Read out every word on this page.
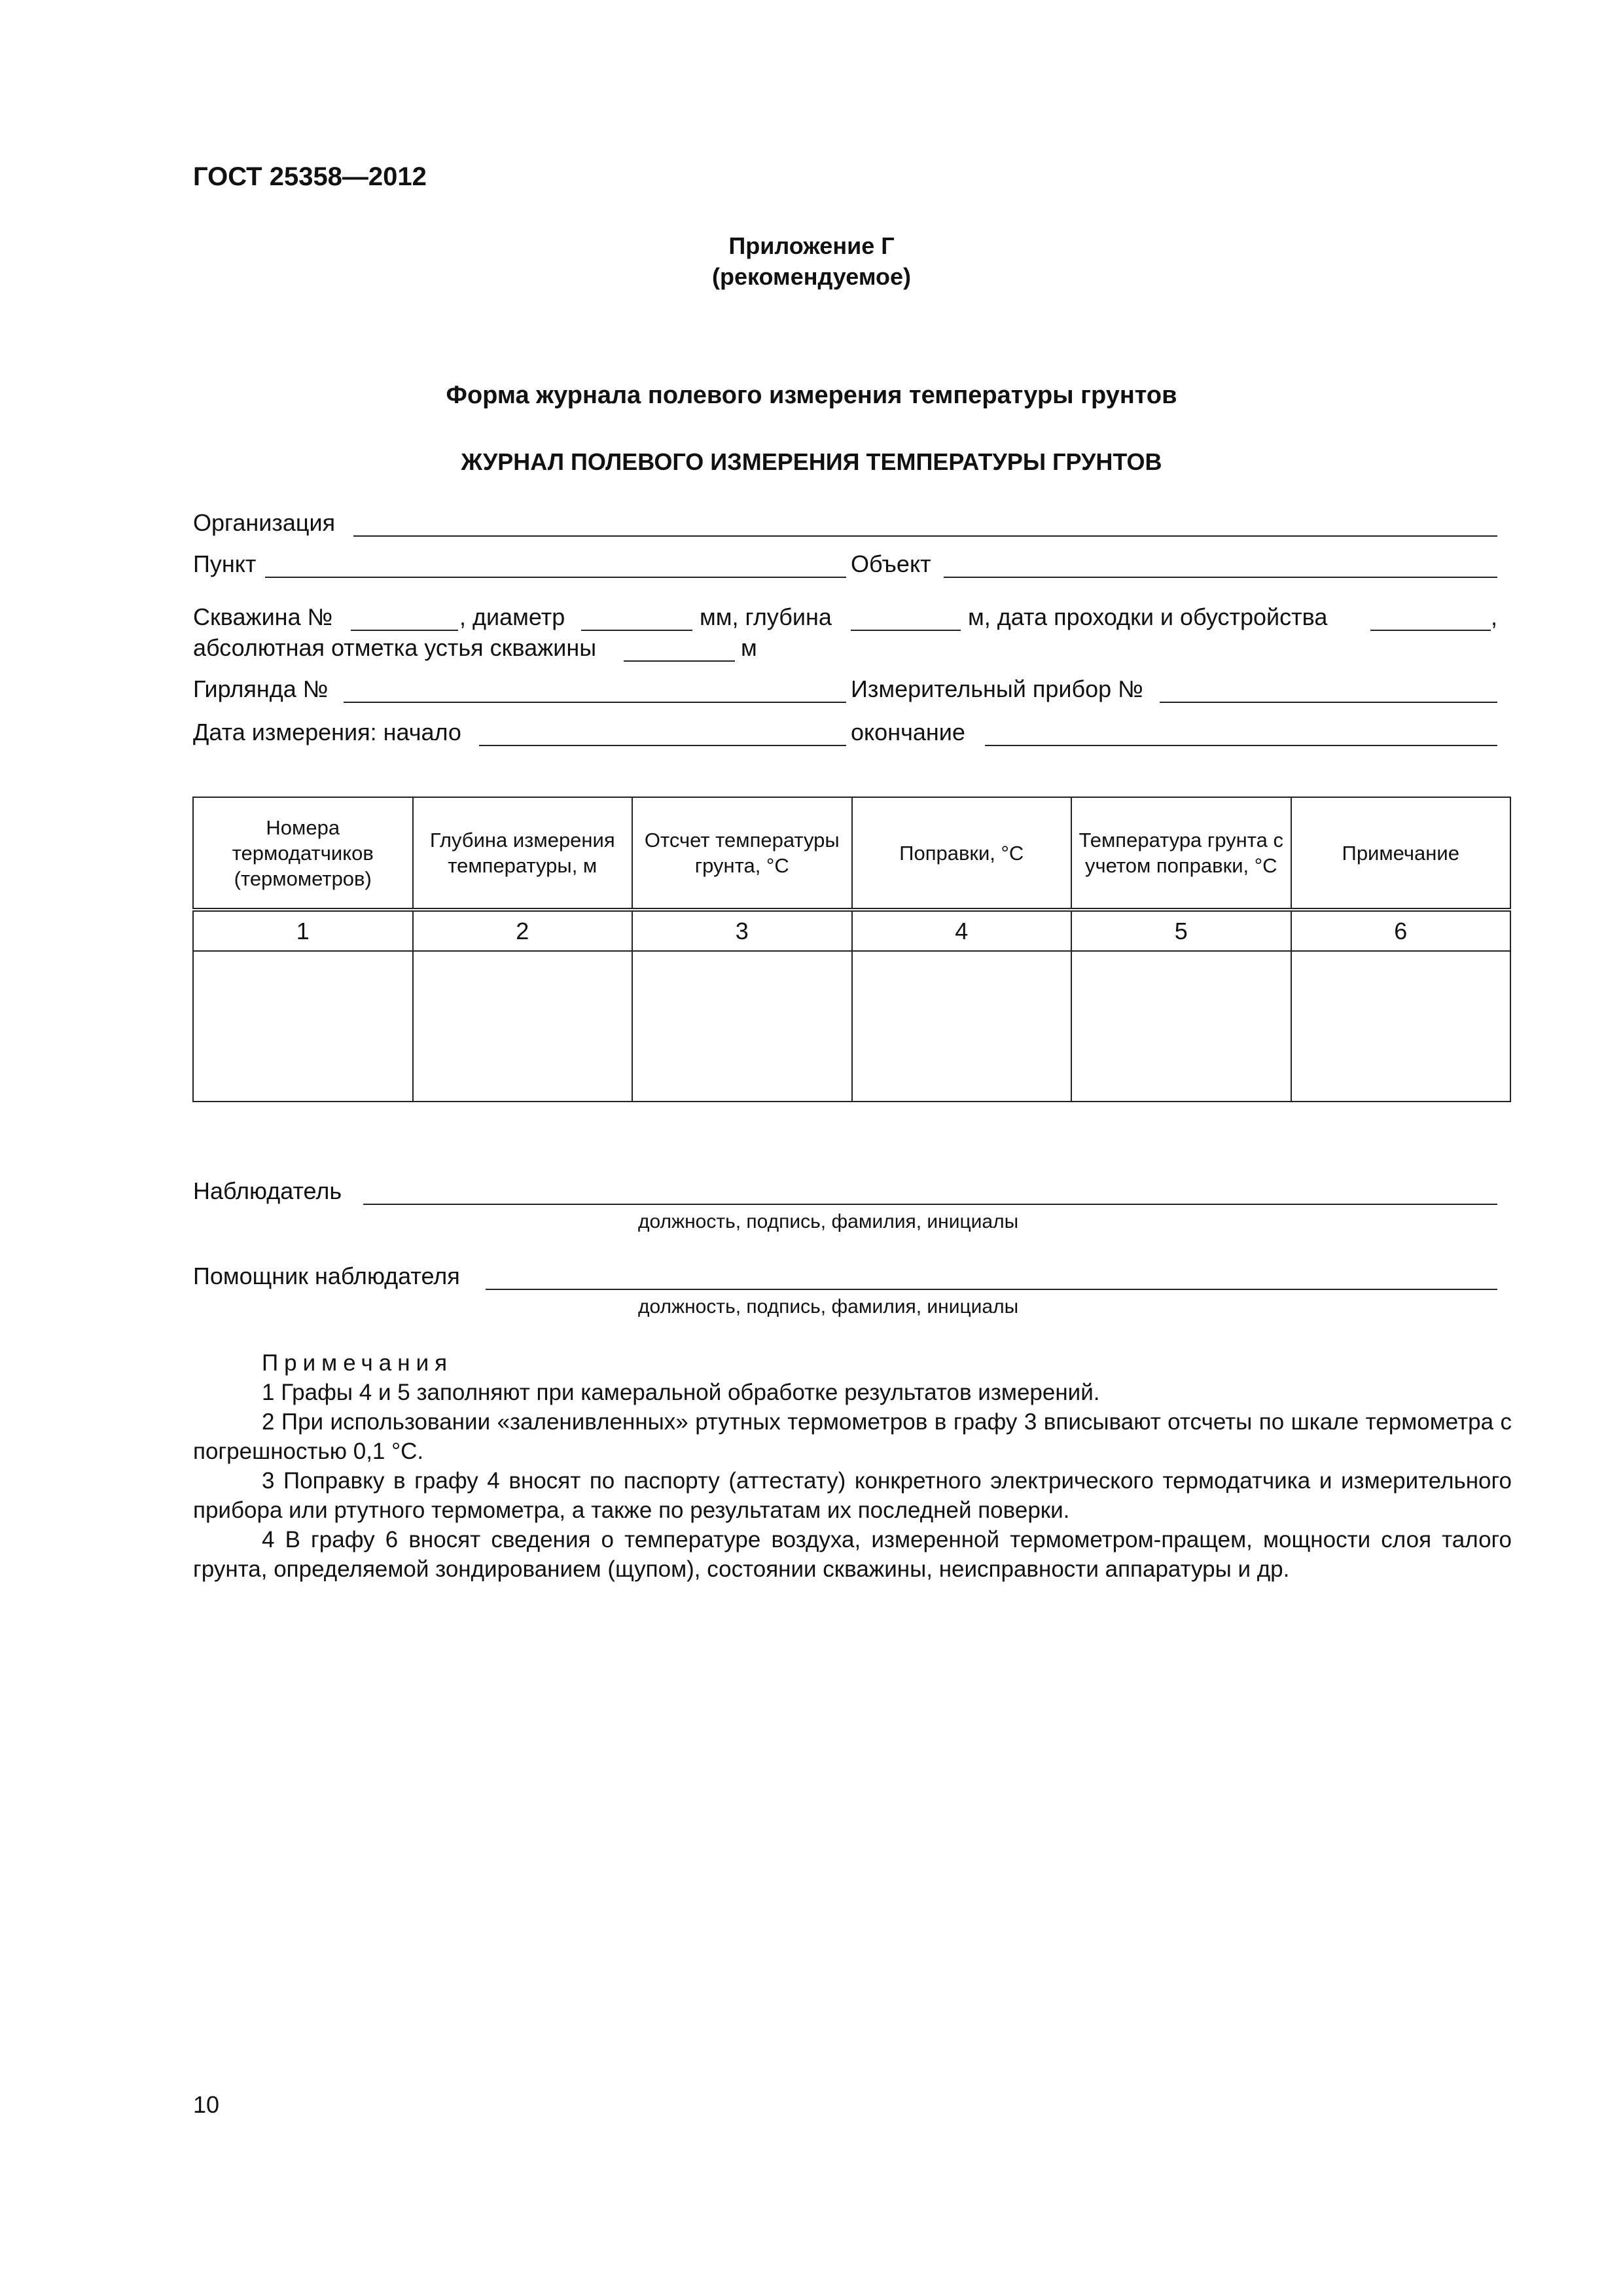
ГОСТ 25358—2012
Приложение Г
(рекомендуемое)
Форма журнала полевого измерения температуры грунтов
ЖУРНАЛ ПОЛЕВОГО ИЗМЕРЕНИЯ ТЕМПЕРАТУРЫ ГРУНТОВ
Организация
Пункт	Объект
Скважина №	, диаметр	мм, глубина	м, дата проходки и обустройства	,
абсолютная отметка устья скважины	м
Гирлянда №	Измерительный прибор №
Дата измерения: начало	окончание
Номера термодатчиков (термометров)	Глубина измерения температуры, м	Отсчет температуры грунта, °С	Поправки, °С	Температура грунта с учетом поправки, °С	Примечание
1	2	3	4	5	6

Наблюдатель
должность, подпись, фамилия, инициалы
Помощник наблюдателя
должность, подпись, фамилия, инициалы

Примечания

1 Графы 4 и 5 заполняют при камеральной обработке результатов измерений.

2 При использовании «заленивленных» ртутных термометров в графу 3 вписывают отсчеты по шкале термометра с погрешностью 0,1 °С.

3 Поправку в графу 4 вносят по паспорту (аттестату) конкретного электрического термодатчика и измерительного прибора или ртутного термометра, а также по результатам их последней поверки.

4 В графу 6 вносят сведения о температуре воздуха, измеренной термометром-пращем, мощности слоя талого грунта, определяемой зондированием (щупом), состоянии скважины, неисправности аппаратуры и др.

10
